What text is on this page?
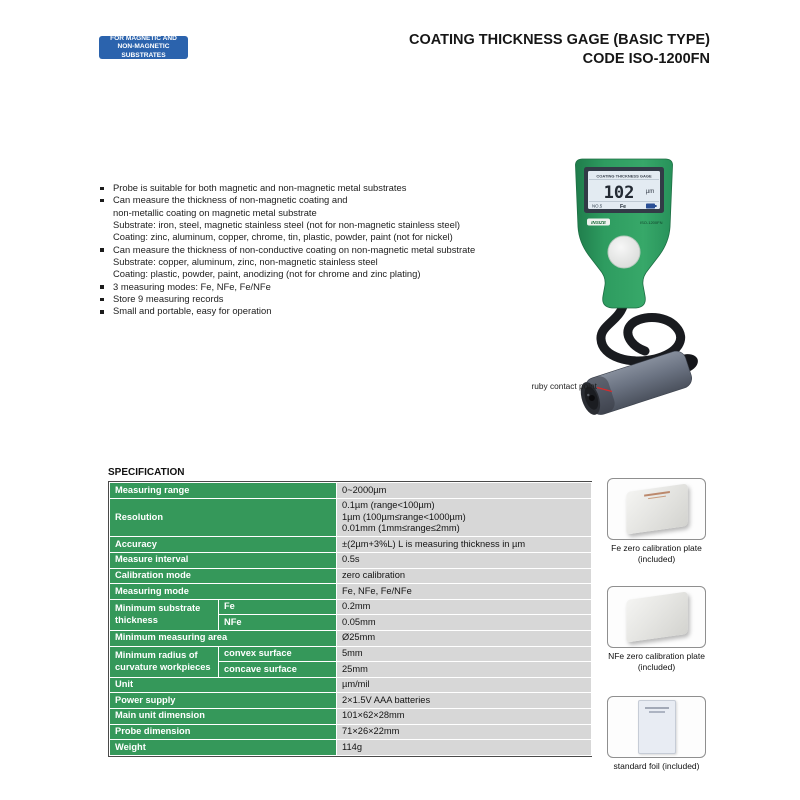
FOR MAGNETIC AND
NON-MAGNETIC SUBSTRATES
COATING THICKNESS GAGE (BASIC TYPE)
CODE ISO-1200FN
Probe is suitable for both magnetic and non-magnetic metal substrates
Can measure the thickness of non-magnetic coating and
non-metallic coating on magnetic metal substrate
Substrate: iron, steel, magnetic stainless steel (not for non-magnetic stainless steel)
Coating: zinc, aluminum, copper, chrome, tin, plastic, powder, paint (not for nickel)
Can measure the thickness of non-conductive coating on non-magnetic metal substrate
Substrate: copper, aluminum, zinc, non-magnetic stainless steel
Coating: plastic, powder, paint, anodizing (not for chrome and zinc plating)
3 measuring modes: Fe, NFe, Fe/NFe
Store 9 measuring records
Small and portable, easy for operation
COATING THICKNESS GAGE
102 µm
NO.5	Fe
INSIZE	ISO-1200FN
ruby contact point
SPECIFICATION
Measuring range		0~2000µm
Resolution		0.1µm (range<100µm)
1µm (100µm≤range<1000µm)
0.01mm (1mm≤range≤2mm)

Accuracy		±(2µm+3%L) L is measuring thickness in µm
Measure interval		0.5s
Calibration mode		zero calibration
Measuring mode		Fe, NFe, Fe/NFe
Minimum substrate thickness	Fe	0.2mm
	NFe	0.05mm
Minimum measuring area		Ø25mm
Minimum radius of curvature workpieces	convex surface	5mm
	concave surface	25mm
Unit		µm/mil
Power supply		2×1.5V AAA batteries
Main unit dimension		101×62×28mm
Probe dimension		71×26×22mm
Weight		114g
Fe zero calibration plate
(included)
NFe zero calibration plate
(included)
standard foil (included)
